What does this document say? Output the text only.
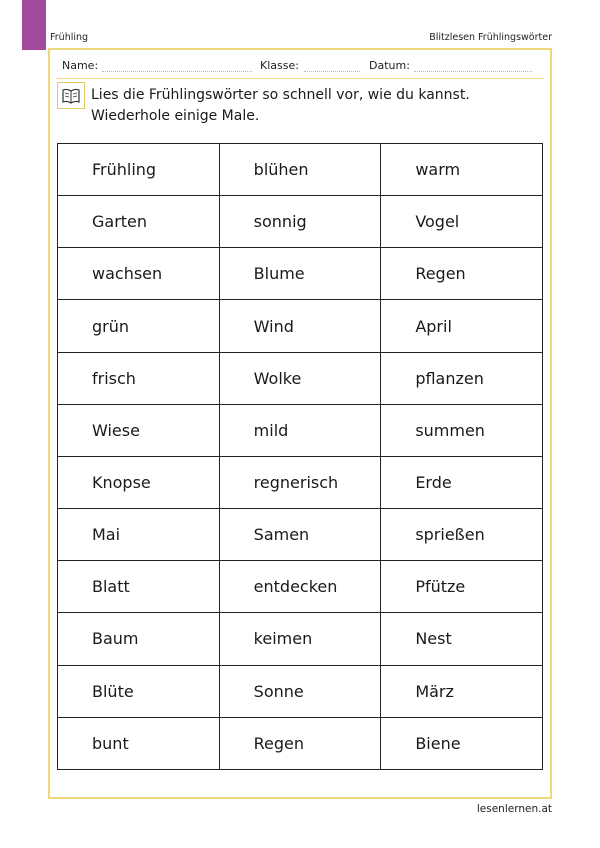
Frühling	Blitzlesen Frühlingswörter
Name:	Klasse:	Datum:
Lies die Frühlingswörter so schnell vor, wie du kannst.
Wiederhole einige Male.
Frühling	blühen	warm
Garten	sonnig	Vogel
wachsen	Blume	Regen
grün	Wind	April
frisch	Wolke	pflanzen
Wiese	mild	summen
Knopse	regnerisch	Erde
Mai	Samen	sprießen
Blatt	entdecken	Pfütze
Baum	keimen	Nest
Blüte	Sonne	März
bunt	Regen	Biene
lesenlernen.at
